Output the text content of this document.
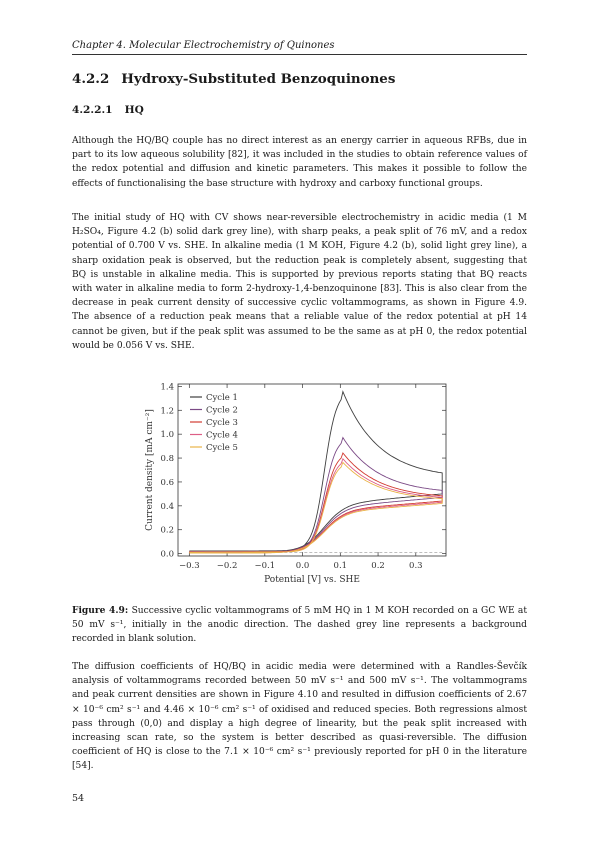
Chapter 4. Molecular Electrochemistry of Quinones
4.2.2 Hydroxy-Substituted Benzoquinones
4.2.2.1 HQ

Although the HQ/BQ couple has no direct interest as an energy carrier in aqueous RFBs, due in part to its low aqueous solubility [82], it was included in the studies to obtain reference values of the redox potential and diffusion and kinetic parameters. This makes it possible to follow the effects of functionalising the base structure with hydroxy and carboxy functional groups.

The initial study of HQ with CV shows near-reversible electrochemistry in acidic media (1 M H₂SO₄, Figure 4.2 (b) solid dark grey line), with sharp peaks, a peak split of 76 mV, and a redox potential of 0.700 V vs. SHE. In alkaline media (1 M KOH, Figure 4.2 (b), solid light grey line), a sharp oxidation peak is observed, but the reduction peak is completely absent, suggesting that BQ is unstable in alkaline media. This is supported by previous reports stating that BQ reacts with water in alkaline media to form 2-hydroxy-1,4-benzoquinone [83]. This is also clear from the decrease in peak current density of successive cyclic voltammograms, as shown in Figure 4.9. The absence of a reduction peak means that a reliable value of the redox potential at pH 14 cannot be given, but if the peak split was assumed to be the same as at pH 0, the redox potential would be 0.056 V vs. SHE.

The diffusion coefficients of HQ/BQ in acidic media were determined with a Randles-Ševčík analysis of voltammograms recorded between 50 mV s⁻¹ and 500 mV s⁻¹. The voltammograms and peak current densities are shown in Figure 4.10 and resulted in diffusion coefficients of 2.67 × 10⁻⁶ cm² s⁻¹ and 4.46 × 10⁻⁶ cm² s⁻¹ of oxidised and reduced species. Both regressions almost pass through (0,0) and display a high degree of linearity, but the peak split increased with increasing scan rate, so the system is better described as quasi-reversible. The diffusion coefficient of HQ is close to the 7.1 × 10⁻⁶ cm² s⁻¹ previously reported for pH 0 in the literature [54].

−0.3 −0.2 −0.1 0.0	0.1	0.2	0.3
0.0
0.2
0.4
0.6
0.8
1.0
1.2
1.4
Potential [V] vs. SHE
Current density [mA cm⁻²]
Cycle 1
Cycle 2
Cycle 3
Cycle 4
Cycle 5

Figure 4.9: Successive cyclic voltammograms of 5 mM HQ in 1 M KOH recorded on a GC WE at 50 mV s⁻¹, initially in the anodic direction. The dashed grey line represents a background recorded in blank solution.

54
